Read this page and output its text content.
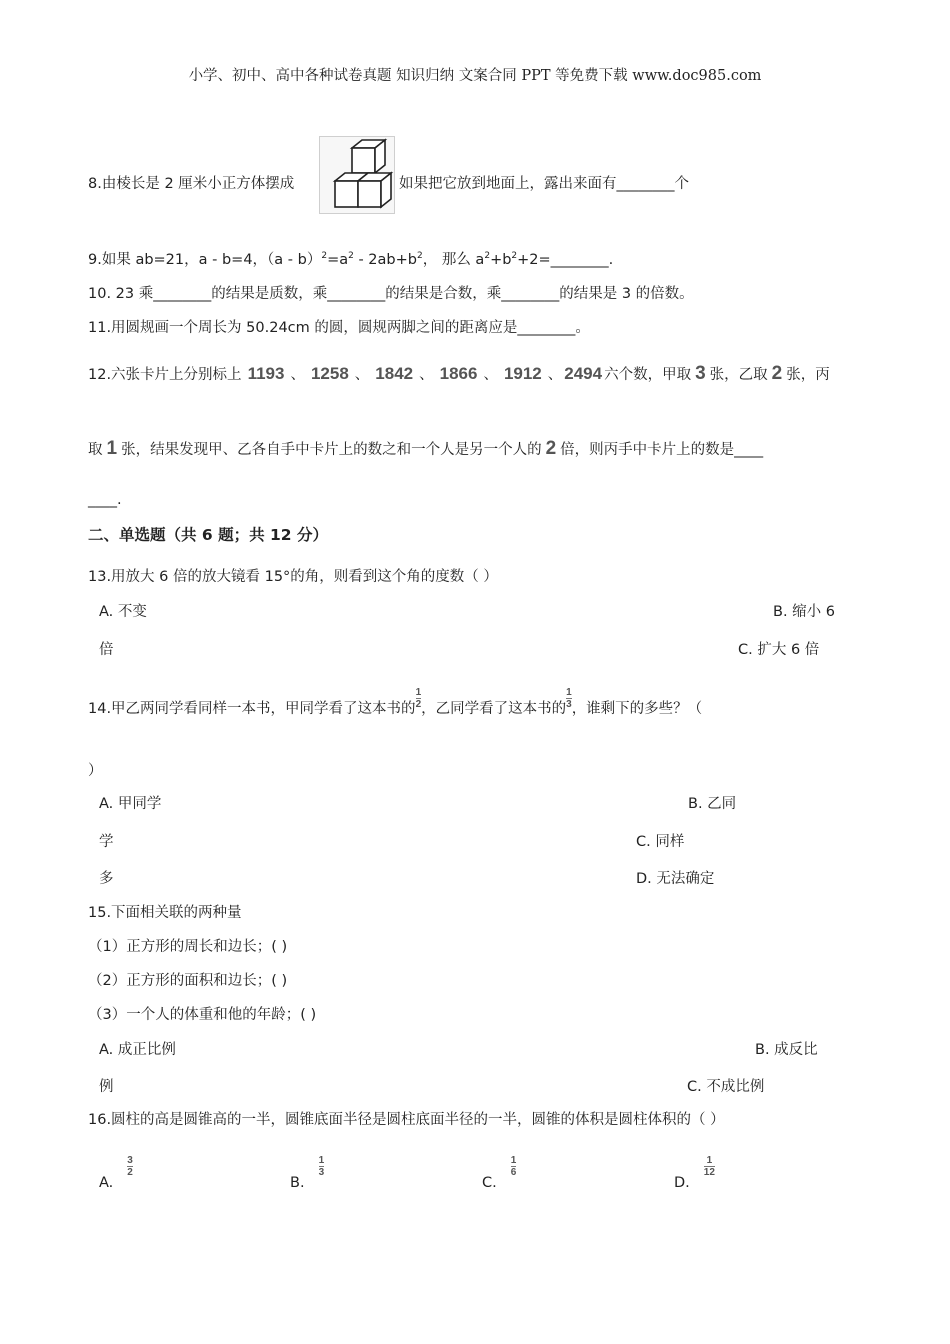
小学、初中、高中各种试卷真题 知识归纳 文案合同 PPT 等免费下载 www.doc985.com
8.由棱长是 2 厘米小正方体摆成	如果把它放到地面上，露出来面有________个
9.如果 ab=21，a - b=4，$(a - b)^2=a^2 - 2ab+b^2$， 那么 $a^2+b^2+2=\_\_\_\_\_\_\_\_$.
10. 23 乘________的结果是质数，乘________的结果是合数，乘________的结果是 3 的倍数。
11.用圆规画一个周长为 50.24cm 的圆，圆规两脚之间的距离应是________。
12.六张卡片上分别标上 1193 、 1258 、 1842 、 1866 、 1912 、 2494 六个数，甲取 3 张，乙取 2 张，丙
取 1 张，结果发现甲、乙各自手中卡片上的数之和一个人是另一个人的 2 倍，则丙手中卡片上的数是____
____.
二、单选题（共 6 题；共 12 分）
13.用放大 6 倍的放大镜看 15°的角，则看到这个角的度数（ ）
A. 不变	B. 缩小 6
倍	C. 扩大 6 倍
14.甲乙两同学看同样一本书，甲同学看了这本书的 $\frac{1}{2}$ ，乙同学看了这本书的 $\frac{1}{3}$ ，谁剩下的多些？（
）
A. 甲同学	B. 乙同
学	C. 同样
多	D. 无法确定
15.下面相关联的两种量
（1）正方形的周长和边长；( )
（2）正方形的面积和边长；( )
（3）一个人的体重和他的年龄；( )
A. 成正比例	B. 成反比
例	C. 不成比例
16.圆柱的高是圆锥高的一半，圆锥底面半径是圆柱底面半径的一半，圆锥的体积是圆柱体积的（ ）
A.
$\frac{3}{2}$
B.
$\frac{1}{3}$
C.
$\frac{1}{6}$
D.
$\frac{1}{12}$
